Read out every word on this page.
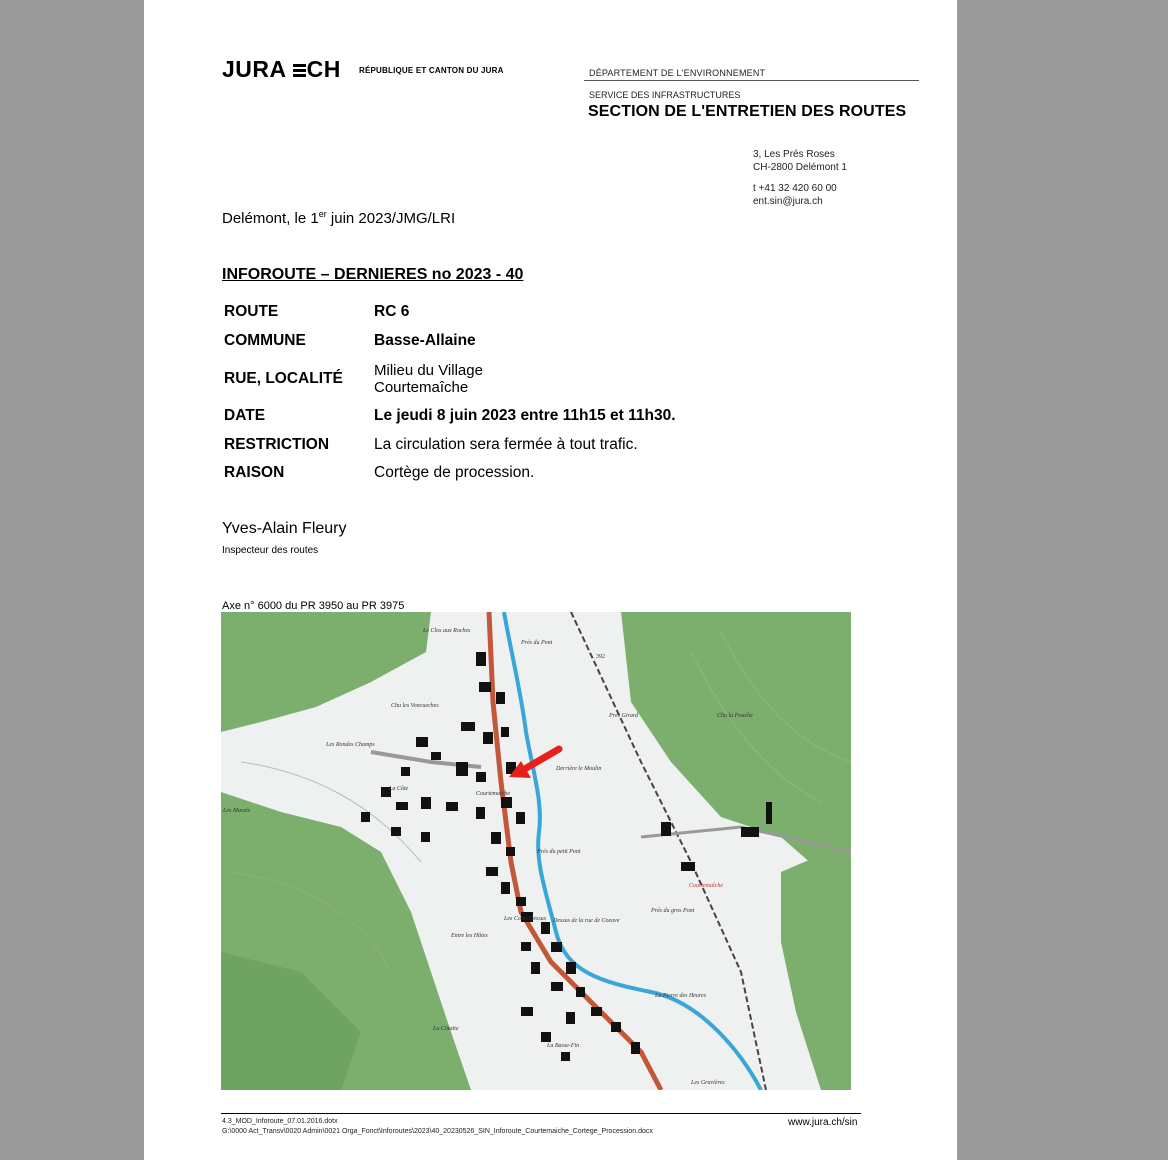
JURA CH RÉPUBLIQUE ET CANTON DU JURA	DÉPARTEMENT DE L'ENVIRONNEMENT
SERVICE DES INFRASTRUCTURES
SECTION DE L'ENTRETIEN DES ROUTES
3, Les Prés Roses
CH-2800 Delémont 1
t +41 32 420 60 00
ent.sin@jura.ch
Delémont, le 1er juin 2023/JMG/LRI
INFOROUTE – DERNIERES no 2023 - 40
ROUTE	RC 6
COMMUNE	Basse-Allaine
RUE, LOCALITÉ	Milieu du Village
Courtemaîche

DATE	Le jeudi 8 juin 2023 entre 11h15 et 11h30.
RESTRICTION	La circulation sera fermée à tout trafic.
RAISON	Cortège de procession.
Yves-Alain Fleury
Inspecteur des routes
Axe n° 6000 du PR 3950 au PR 3975
Le Clos aux Roches
Prés du Pont
Chu les Voncueches
Prés Girard	Chu la Pouche
Les Rondes Champs
Derrière le Moulin
La Côte
Courtemaîche
Les Mavets
Prés du petit Pont
Courtemaîche
Prés du gros Pont
Dessus de la rue de Coeuve
Les Cotes Dessus
Entre les Hôtes
La Pierre des Heures
La Côtatte
La Basse-Fin
Les Gravières
392
4.3_MOD_Inforoute_07.01.2016.dotx
G:\0000 Act_Transv\0020 Admin\0021 Orga_Fonct\Inforoutes\2023\40_20230526_SIN_Inforoute_Courtemaiche_Cortege_Procession.docx
www.jura.ch/sin
